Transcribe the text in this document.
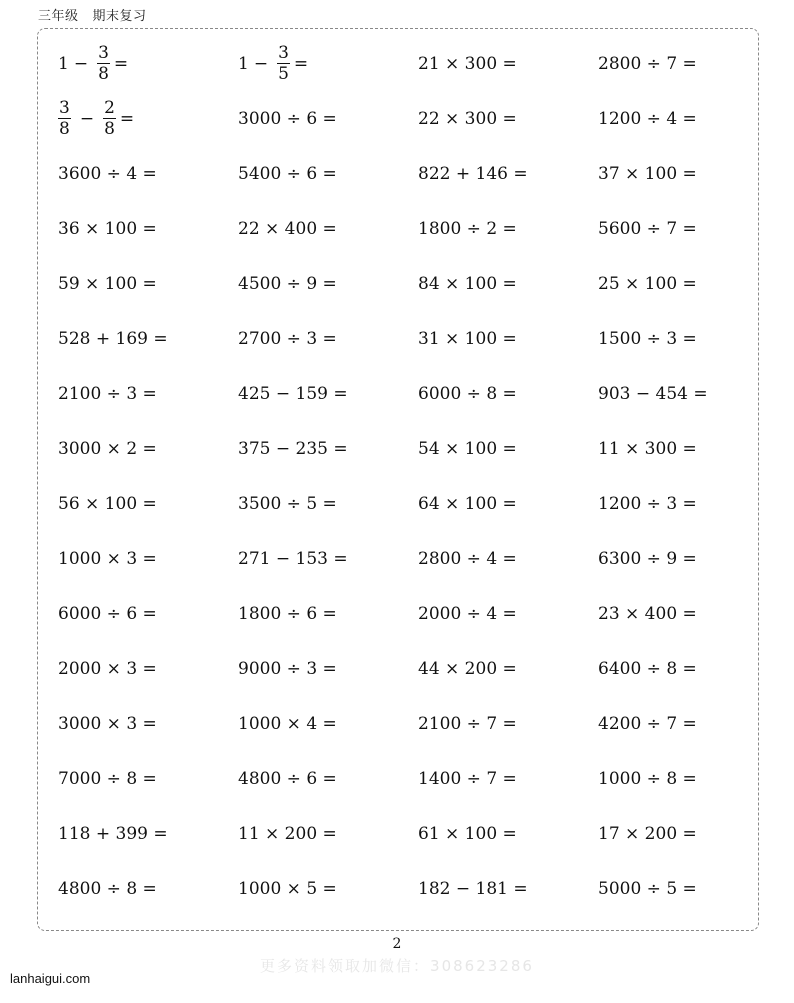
三年级 期末复习
$1 - \frac{3}{8}$ =	$1 - \frac{3}{5}$ =	21 × 300 =	2800 ÷ 7 =
$\frac{3}{8} - \frac{2}{8}$ =	3000 ÷ 6 =	22 × 300 =	1200 ÷ 4 =
3600 ÷ 4 =	5400 ÷ 6 =	822 + 146 =	37 × 100 =
36 × 100 =	22 × 400 =	1800 ÷ 2 =	5600 ÷ 7 =
59 × 100 =	4500 ÷ 9 =	84 × 100 =	25 × 100 =
528 + 169 =	2700 ÷ 3 =	31 × 100 =	1500 ÷ 3 =
2100 ÷ 3 =	425 − 159 =	6000 ÷ 8 =	903 − 454 =
3000 × 2 =	375 − 235 =	54 × 100 =	11 × 300 =
56 × 100 =	3500 ÷ 5 =	64 × 100 =	1200 ÷ 3 =
1000 × 3 =	271 − 153 =	2800 ÷ 4 =	6300 ÷ 9 =
6000 ÷ 6 =	1800 ÷ 6 =	2000 ÷ 4 =	23 × 400 =
2000 × 3 =	9000 ÷ 3 =	44 × 200 =	6400 ÷ 8 =
3000 × 3 =	1000 × 4 =	2100 ÷ 7 =	4200 ÷ 7 =
7000 ÷ 8 =	4800 ÷ 6 =	1400 ÷ 7 =	1000 ÷ 8 =
118 + 399 =	11 × 200 =	61 × 100 =	17 × 200 =
4800 ÷ 8 =	1000 × 5 =	182 − 181 =	5000 ÷ 5 =
2
更多资料领取加微信：308623286
lanhaigui.com
